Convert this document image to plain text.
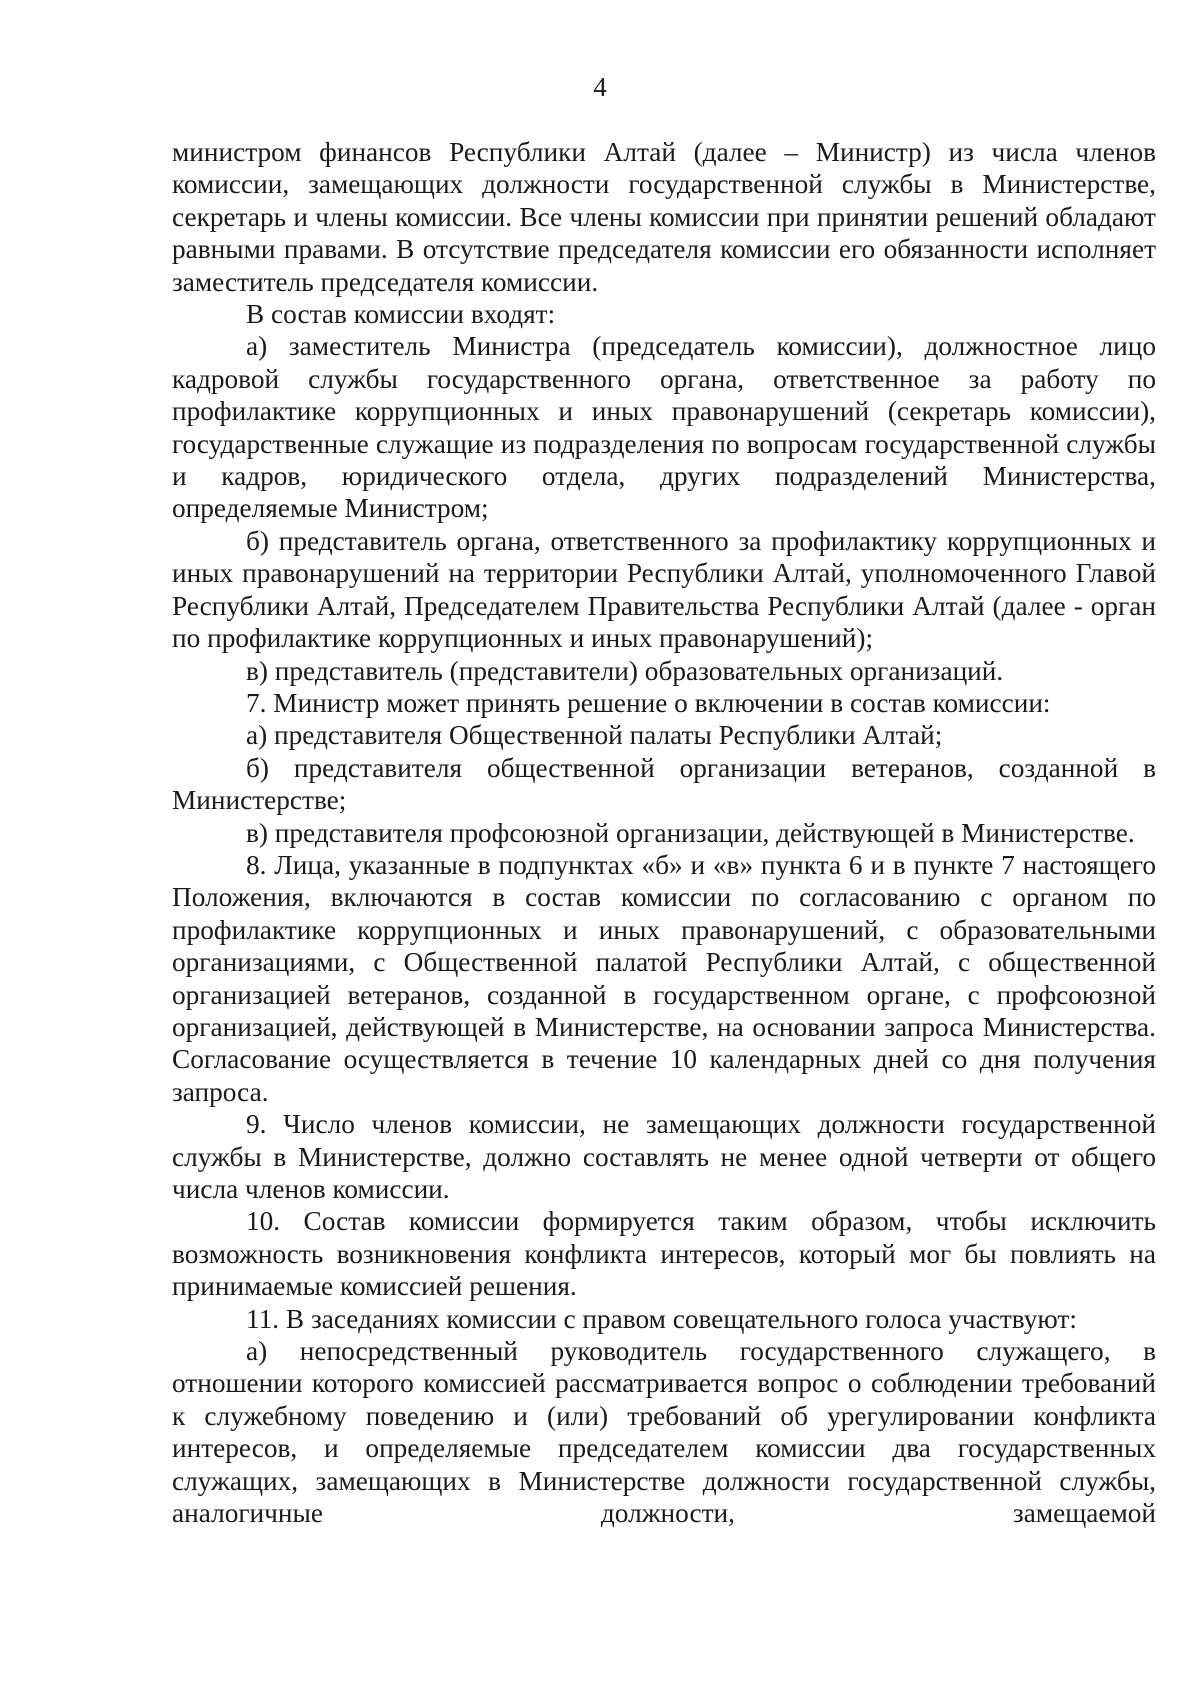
4

министром финансов Республики Алтай (далее – Министр) из числа членов комиссии, замещающих должности государственной службы в Министерстве, секретарь и члены комиссии. Все члены комиссии при принятии решений обладают равными правами. В отсутствие председателя комиссии его обязанности исполняет заместитель председателя комиссии.

В состав комиссии входят:

а) заместитель Министра (председатель комиссии), должностное лицо кадровой службы государственного органа, ответственное за работу по профилактике коррупционных и иных правонарушений (секретарь комиссии), государственные служащие из подразделения по вопросам государственной службы и кадров, юридического отдела, других подразделений Министерства, определяемые Министром;

б) представитель органа, ответственного за профилактику коррупционных и иных правонарушений на территории Республики Алтай, уполномоченного Главой Республики Алтай, Председателем Правительства Республики Алтай (далее - орган по профилактике коррупционных и иных правонарушений);

в) представитель (представители) образовательных организаций.

7. Министр может принять решение о включении в состав комиссии:

а) представителя Общественной палаты Республики Алтай;

б) представителя общественной организации ветеранов, созданной в Министерстве;

в) представителя профсоюзной организации, действующей в Министерстве.

8. Лица, указанные в подпунктах «б» и «в» пункта 6 и в пункте 7 настоящего Положения, включаются в состав комиссии по согласованию с органом по профилактике коррупционных и иных правонарушений, с образовательными организациями, с Общественной палатой Республики Алтай, с общественной организацией ветеранов, созданной в государственном органе, с профсоюзной организацией, действующей в Министерстве, на основании запроса Министерства. Согласование осуществляется в течение 10 календарных дней со дня получения запроса.

9. Число членов комиссии, не замещающих должности государственной службы в Министерстве, должно составлять не менее одной четверти от общего числа членов комиссии.

10. Состав комиссии формируется таким образом, чтобы исключить возможность возникновения конфликта интересов, который мог бы повлиять на принимаемые комиссией решения.

11. В заседаниях комиссии с правом совещательного голоса участвуют:

а) непосредственный руководитель государственного служащего, в отношении которого комиссией рассматривается вопрос о соблюдении требований к служебному поведению и (или) требований об урегулировании конфликта интересов, и определяемые председателем комиссии два государственных служащих, замещающих в Министерстве должности государственной службы, аналогичные должности, замещаемой
